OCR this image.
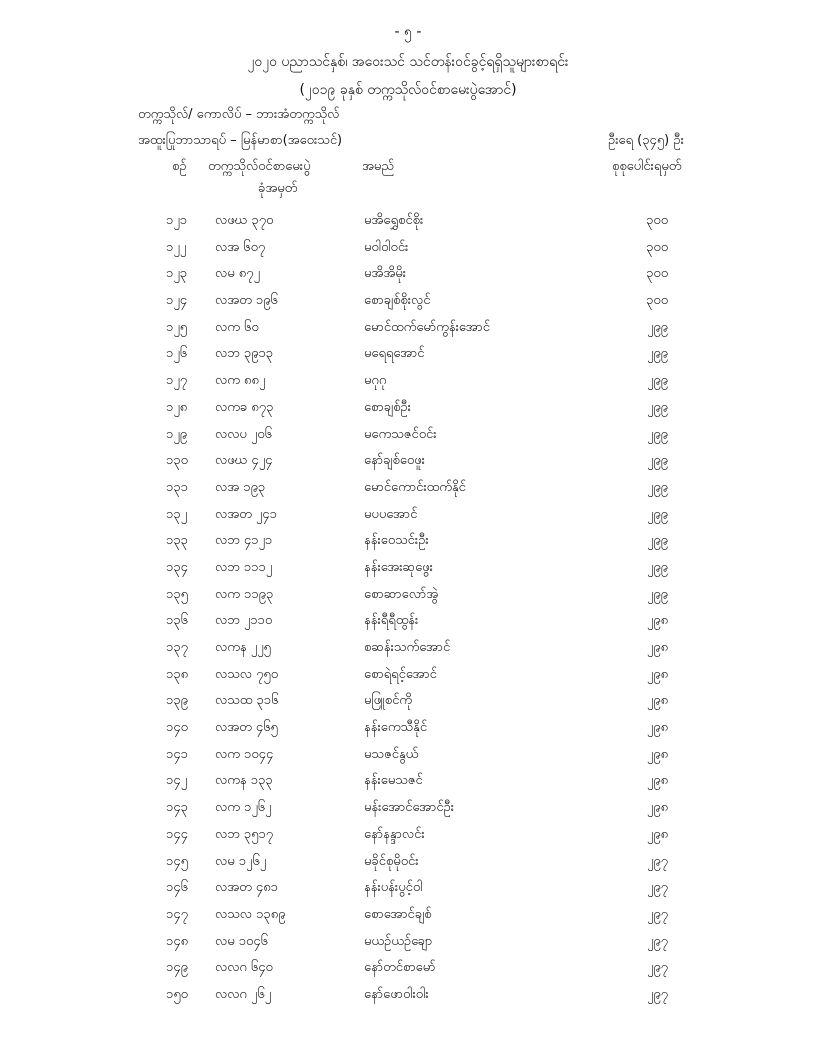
- ၅ -
၂၀၂၀ ပညာသင်နှစ်၊ အဝေးသင် သင်တန်းဝင်ခွင့်ရရှိသူများစာရင်း
(၂၀၁၉ ခုနှစ် တက္ကသိုလ်ဝင်စာမေးပွဲအောင်)
တက္ကသိုလ်/ ကောလိပ် – ဘားအံတက္ကသိုလ်
အထူးပြုဘာသာရပ် – မြန်မာစာ(အဝေးသင်)	ဦးရေ (၃၄၅) ဦး
စဉ် တက္ကသိုလ်ဝင်စာမေးပွဲ
ခုံအမှတ်
အမည်	စုစုပေါင်းရမှတ်
၁၂၁ လဖဃ ၃၇၀	မအိရွှေစင်စိုး	၃၀၀
၁၂၂ လအ ၆၀၇	မဝါဝါဝင်း	၃၀၀
၁၂၃ လမ ၈၇၂	မအိအိမိုး	၃၀၀
၁၂၄ လအတ ၁၉၆	စောချစ်စိုးလွင်	၃၀၀
၁၂၅ လက ၆၀	မောင်ထက်မော်ကွန်းအောင်	၂၉၉
၁၂၆ လဘ ၃၉၁၃	မရေရအောင်	၂၉၉
၁၂၇ လက ၈၈၂	မဂုဂု	၂၉၉
၁၂၈ လကခ ၈၇၃	စောချစ်ဦး	၂၉၉
၁၂၉ လလပ ၂၀၆	မကေသဇင်ဝင်း	၂၉၉
၁၃၀ လဖဃ ၄၂၄	နော်ချစ်ဝေဖူး	၂၉၉
၁၃၁ လအ ၁၉၃	မောင်ကောင်းထက်နိုင်	၂၉၉
၁၃၂ လအတ ၂၄၁	မပပအောင်	၂၉၉
၁၃၃ လဘ ၄၁၂၁	နန်းဝေသင်းဦး	၂၉၉
၁၃၄ လဘ ၁၁၁၂	နန်းအေးဆုဖွေး	၂၉၉
၁၃၅ လက ၁၁၉၃	စောဆာလော်အွဲ	၂၉၉
၁၃၆ လဘ ၂၁၁၀	နန်းရီရီထွန်း	၂၉၈
၁၃၇ လကန ၂၂၅	စဆန်းသက်အောင်	၂၉၈
၁၃၈ လသလ ၇၅၀	စောရဲရင့်အောင်	၂၉၈
၁၃၉ လသထ ၃၁၆	မဖြူစင်ကို	၂၉၈
၁၄၀ လအတ ၄၆၅	နန်းကေသီနိုင်	၂၉၈
၁၄၁ လက ၁၀၄၄	မသဇင်နွယ်	၂၉၈
၁၄၂ လကန ၁၃၃	နန်းမေသဇင်	၂၉၈
၁၄၃ လက ၁၂၆၂	မန်းအောင်အောင်ဦး	၂၉၈
၁၄၄ လဘ ၃၅၁၇	နော်နန္ဒာလင်း	၂၉၈
၁၄၅ လမ ၁၂၆၂	မခိုင်စုမိုဝင်း	၂၉၇
၁၄၆ လအတ ၄၈၁	နန်းပန်းပွင့်ဝါ	၂၉၇
၁၄၇ လသလ ၁၃၈၉	စောအောင်ချစ်	၂၉၇
၁၄၈ လမ ၁၀၄၆	မယဉ်ယဉ်ချော	၂၉၇
၁၄၉ လလဂ ၆၄၀	နော်တင်စာမော်	၂၉၇
၁၅၀ လလဂ ၂၆၂	နော်ဖောဝါးဝါး	၂၉၇
